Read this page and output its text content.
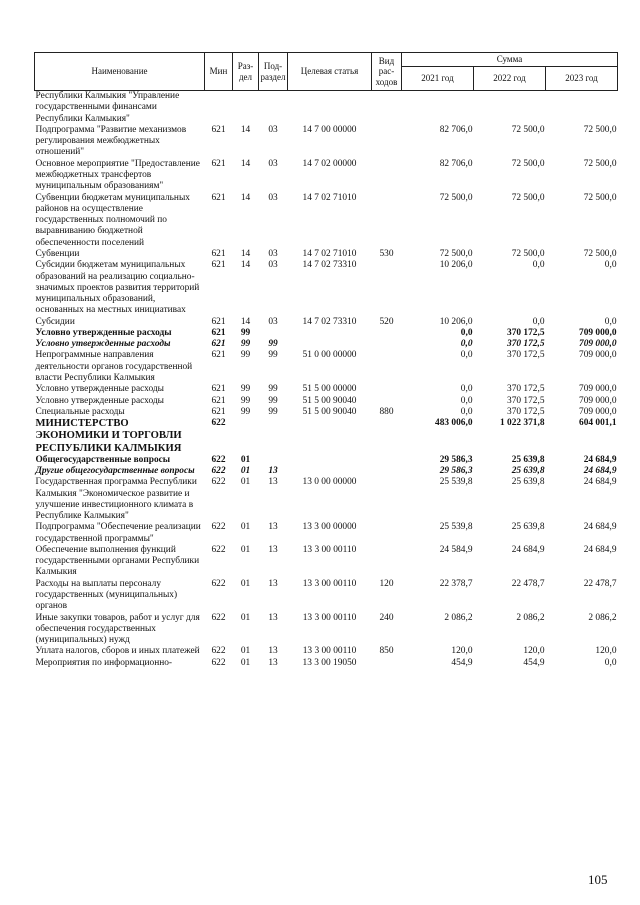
Наименование	Мин	Раз-дел	Под-раздел	Целевая статья	Вид рас-ходов	Сумма		
						2021 год	2022 год	2023 год
Республики Калмыкия "Управление государственными финансами Республики Калмыкия"								
Подпрограмма "Развитие механизмов регулирования межбюджетных отношений"	621	14	03	14 7 00 00000		82 706,0	72 500,0	72 500,0
Основное мероприятие "Предоставление межбюджетных трансфертов муниципальным образованиям"	621	14	03	14 7 02 00000		82 706,0	72 500,0	72 500,0
Субвенции бюджетам муниципальных районов на осуществление государственных полномочий по выравниванию бюджетной обеспеченности поселений	621	14	03	14 7 02 71010		72 500,0	72 500,0	72 500,0
Субвенции	621	14	03	14 7 02 71010	530	72 500,0	72 500,0	72 500,0
Субсидии бюджетам муниципальных образований на реализацию социально-значимых проектов развития территорий муниципальных образований, основанных на местных инициативах	621	14	03	14 7 02 73310		10 206,0	0,0	0,0
Субсидии	621	14	03	14 7 02 73310	520	10 206,0	0,0	0,0
Условно утвержденные расходы	621	99				0,0	370 172,5	709 000,0
Условно утвержденные расходы	621	99	99			0,0	370 172,5	709 000,0
Непрограммные направления деятельности органов государственной власти Республики Калмыкия	621	99	99	51 0 00 00000		0,0	370 172,5	709 000,0
Условно утвержденные расходы	621	99	99	51 5 00 00000		0,0	370 172,5	709 000,0
Условно утвержденные расходы	621	99	99	51 5 00 90040		0,0	370 172,5	709 000,0
Специальные расходы	621	99	99	51 5 00 90040	880	0,0	370 172,5	709 000,0
МИНИСТЕРСТВО ЭКОНОМИКИ И ТОРГОВЛИ РЕСПУБЛИКИ КАЛМЫКИЯ	622					483 006,0	1 022 371,8	604 001,1
Общегосударственные вопросы	622	01				29 586,3	25 639,8	24 684,9
Другие общегосударственные вопросы	622	01	13			29 586,3	25 639,8	24 684,9
Государственная программа Республики Калмыкия "Экономическое развитие и улучшение инвестиционного климата в Республике Калмыкия"	622	01	13	13 0 00 00000		25 539,8	25 639,8	24 684,9
Подпрограмма "Обеспечение реализации государственной программы"	622	01	13	13 3 00 00000		25 539,8	25 639,8	24 684,9
Обеспечение выполнения функций государственными органами Республики Калмыкия	622	01	13	13 3 00 00110		24 584,9	24 684,9	24 684,9
Расходы на выплаты персоналу государственных (муниципальных) органов	622	01	13	13 3 00 00110	120	22 378,7	22 478,7	22 478,7
Иные закупки товаров, работ и услуг для обеспечения государственных (муниципальных) нужд	622	01	13	13 3 00 00110	240	2 086,2	2 086,2	2 086,2
Уплата налогов, сборов и иных платежей	622	01	13	13 3 00 00110	850	120,0	120,0	120,0
Мероприятия по информационно-	622	01	13	13 3 00 19050		454,9	454,9	0,0
105
